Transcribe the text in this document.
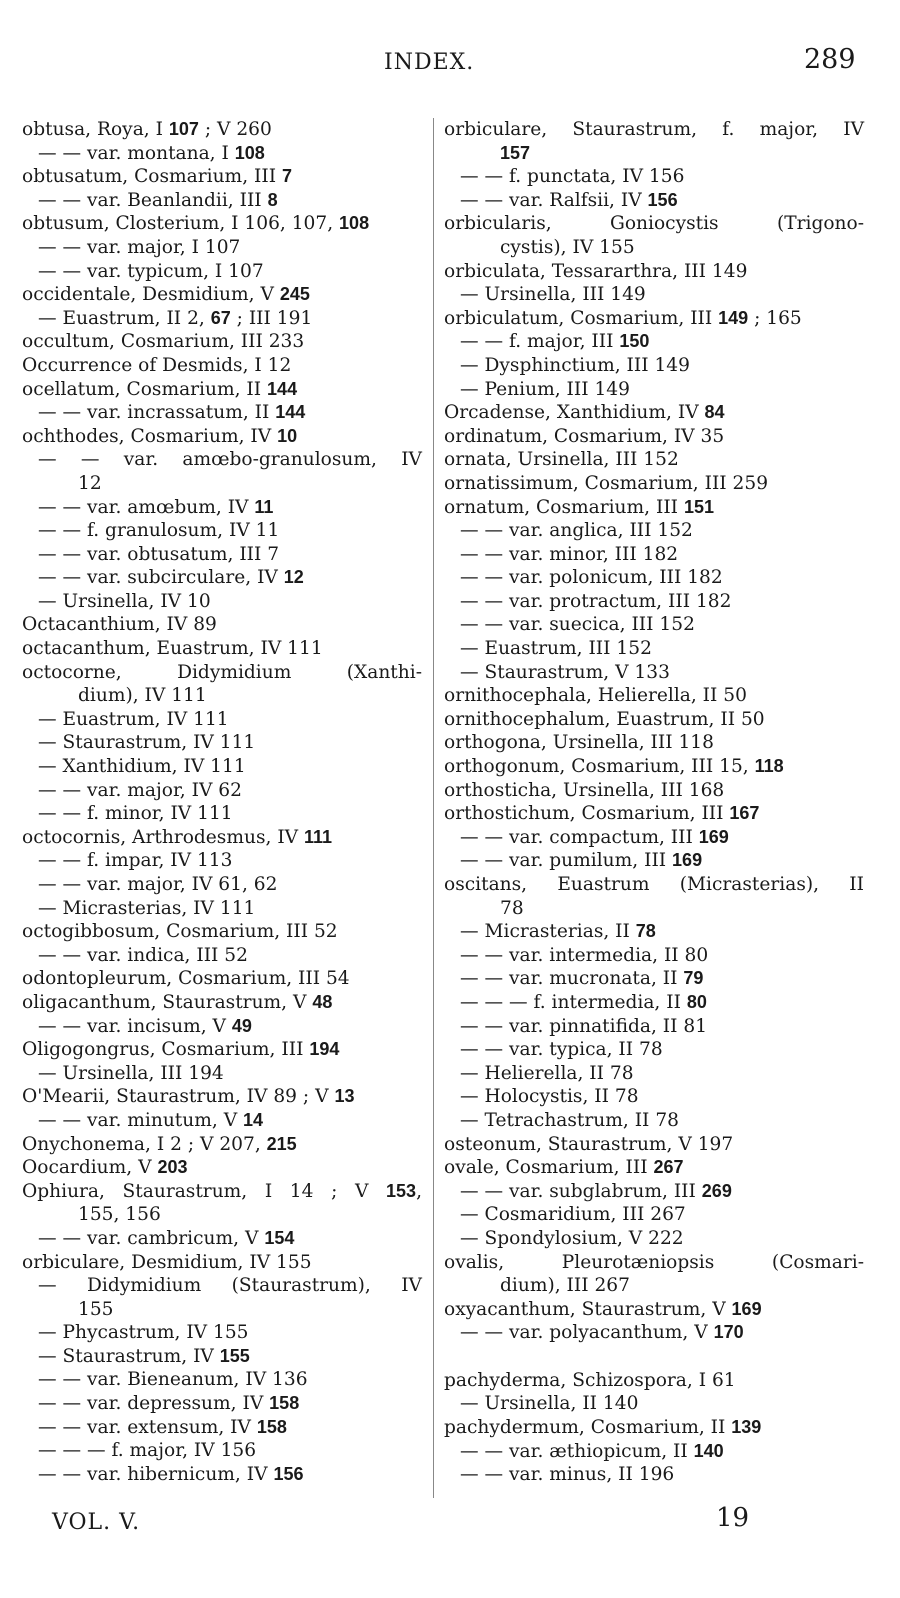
INDEX.	289
obtusa, Roya, I 107 ; V 260
— — var. montana, I 108
obtusatum, Cosmarium, III 7
— — var. Beanlandii, III 8
obtusum, Closterium, I 106, 107, 108
— — var. major, I 107
— — var. typicum, I 107
occidentale, Desmidium, V 245
— Euastrum, II 2, 67 ; III 191
occultum, Cosmarium, III 233
Occurrence of Desmids, I 12
ocellatum, Cosmarium, II 144
— — var. incrassatum, II 144
ochthodes, Cosmarium, IV 10
— — var. amœbo-granulosum, IV
12
— — var. amœbum, IV 11
— — f. granulosum, IV 11
— — var. obtusatum, III 7
— — var. subcirculare, IV 12
— Ursinella, IV 10
Octacanthium, IV 89
octacanthum, Euastrum, IV 111
octocorne, Didymidium (Xanthi-
dium), IV 111
— Euastrum, IV 111
— Staurastrum, IV 111
— Xanthidium, IV 111
— — var. major, IV 62
— — f. minor, IV 111
octocornis, Arthrodesmus, IV 111
— — f. impar, IV 113
— — var. major, IV 61, 62
— Micrasterias, IV 111
octogibbosum, Cosmarium, III 52
— — var. indica, III 52
odontopleurum, Cosmarium, III 54
oligacanthum, Staurastrum, V 48
— — var. incisum, V 49
Oligogongrus, Cosmarium, III 194
— Ursinella, III 194
O'Mearii, Staurastrum, IV 89 ; V 13
— — var. minutum, V 14
Onychonema, I 2 ; V 207, 215
Oocardium, V 203
Ophiura, Staurastrum, I 14 ; V 153,
155, 156
— — var. cambricum, V 154
orbiculare, Desmidium, IV 155
— Didymidium (Staurastrum), IV
155
— Phycastrum, IV 155
— Staurastrum, IV 155
— — var. Bieneanum, IV 136
— — var. depressum, IV 158
— — var. extensum, IV 158
— — — f. major, IV 156
— — var. hibernicum, IV 156
orbiculare, Staurastrum, f. major, IV
157
— — f. punctata, IV 156
— — var. Ralfsii, IV 156
orbicularis, Goniocystis (Trigono-
cystis), IV 155
orbiculata, Tessararthra, III 149
— Ursinella, III 149
orbiculatum, Cosmarium, III 149 ; 165
— — f. major, III 150
— Dysphinctium, III 149
— Penium, III 149
Orcadense, Xanthidium, IV 84
ordinatum, Cosmarium, IV 35
ornata, Ursinella, III 152
ornatissimum, Cosmarium, III 259
ornatum, Cosmarium, III 151
— — var. anglica, III 152
— — var. minor, III 182
— — var. polonicum, III 182
— — var. protractum, III 182
— — var. suecica, III 152
— Euastrum, III 152
— Staurastrum, V 133
ornithocephala, Helierella, II 50
ornithocephalum, Euastrum, II 50
orthogona, Ursinella, III 118
orthogonum, Cosmarium, III 15, 118
orthosticha, Ursinella, III 168
orthostichum, Cosmarium, III 167
— — var. compactum, III 169
— — var. pumilum, III 169
oscitans, Euastrum (Micrasterias), II
78
— Micrasterias, II 78
— — var. intermedia, II 80
— — var. mucronata, II 79
— — — f. intermedia, II 80
— — var. pinnatifida, II 81
— — var. typica, II 78
— Helierella, II 78
— Holocystis, II 78
— Tetrachastrum, II 78
osteonum, Staurastrum, V 197
ovale, Cosmarium, III 267
— — var. subglabrum, III 269
— Cosmaridium, III 267
— Spondylosium, V 222
ovalis, Pleurotæniopsis (Cosmari-
dium), III 267
oxyacanthum, Staurastrum, V 169
— — var. polyacanthum, V 170
pachyderma, Schizospora, I 61
— Ursinella, II 140
pachydermum, Cosmarium, II 139
— — var. æthiopicum, II 140
— — var. minus, II 196
VOL. V.	19
